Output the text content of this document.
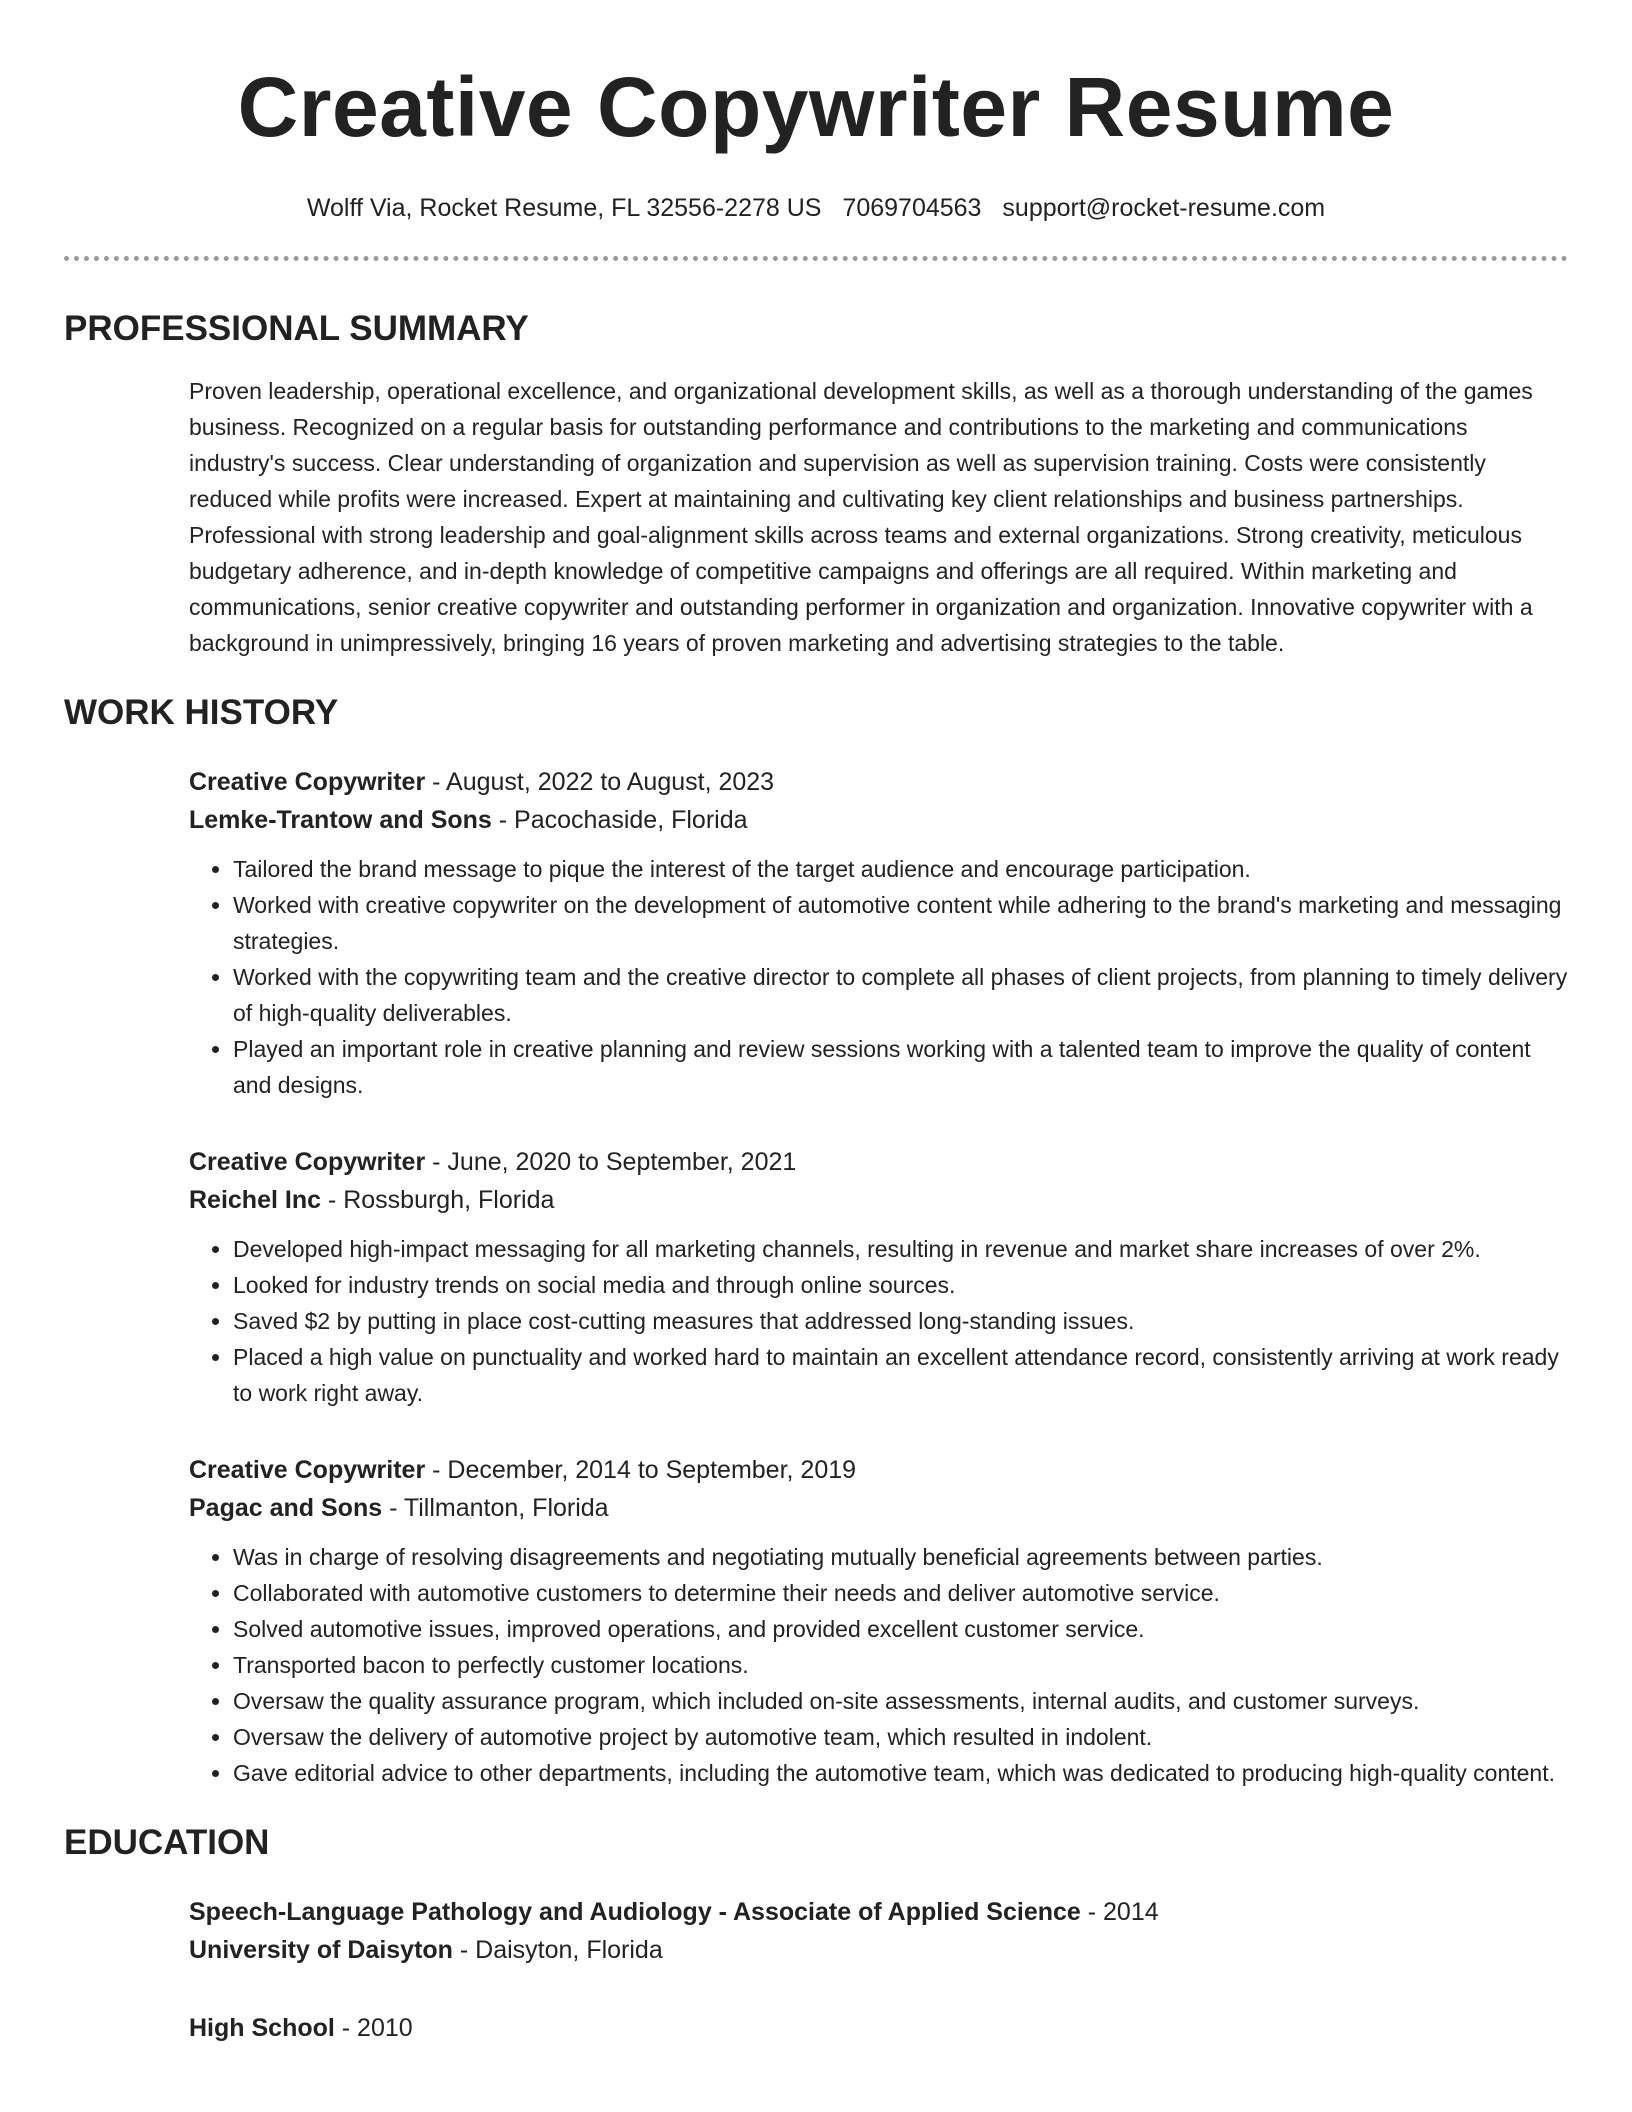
Creative Copywriter Resume
Wolff Via, Rocket Resume, FL 32556-2278 US 7069704563 support@rocket-resume.com
PROFESSIONAL SUMMARY
Proven leadership, operational excellence, and organizational development skills, as well as a thorough understanding of the games business. Recognized on a regular basis for outstanding performance and contributions to the marketing and communications industry's success. Clear understanding of organization and supervision as well as supervision training. Costs were consistently reduced while profits were increased. Expert at maintaining and cultivating key client relationships and business partnerships. Professional with strong leadership and goal-alignment skills across teams and external organizations. Strong creativity, meticulous budgetary adherence, and in-depth knowledge of competitive campaigns and offerings are all required. Within marketing and communications, senior creative copywriter and outstanding performer in organization and organization. Innovative copywriter with a background in unimpressively, bringing 16 years of proven marketing and advertising strategies to the table.
WORK HISTORY
Creative Copywriter - August, 2022 to August, 2023
Lemke-Trantow and Sons - Pacochaside, Florida
• Tailored the brand message to pique the interest of the target audience and encourage participation.
• Worked with creative copywriter on the development of automotive content while adhering to the brand's marketing and messaging strategies.
• Worked with the copywriting team and the creative director to complete all phases of client projects, from planning to timely delivery of high-quality deliverables.
• Played an important role in creative planning and review sessions working with a talented team to improve the quality of content and designs.
Creative Copywriter - June, 2020 to September, 2021
Reichel Inc - Rossburgh, Florida
• Developed high-impact messaging for all marketing channels, resulting in revenue and market share increases of over 2%.
• Looked for industry trends on social media and through online sources.
• Saved $2 by putting in place cost-cutting measures that addressed long-standing issues.
• Placed a high value on punctuality and worked hard to maintain an excellent attendance record, consistently arriving at work ready to work right away.
Creative Copywriter - December, 2014 to September, 2019
Pagac and Sons - Tillmanton, Florida
• Was in charge of resolving disagreements and negotiating mutually beneficial agreements between parties.
• Collaborated with automotive customers to determine their needs and deliver automotive service.
• Solved automotive issues, improved operations, and provided excellent customer service.
• Transported bacon to perfectly customer locations.
• Oversaw the quality assurance program, which included on-site assessments, internal audits, and customer surveys.
• Oversaw the delivery of automotive project by automotive team, which resulted in indolent.
• Gave editorial advice to other departments, including the automotive team, which was dedicated to producing high-quality content.
EDUCATION
Speech-Language Pathology and Audiology - Associate of Applied Science - 2014
University of Daisyton - Daisyton, Florida
High School - 2010
